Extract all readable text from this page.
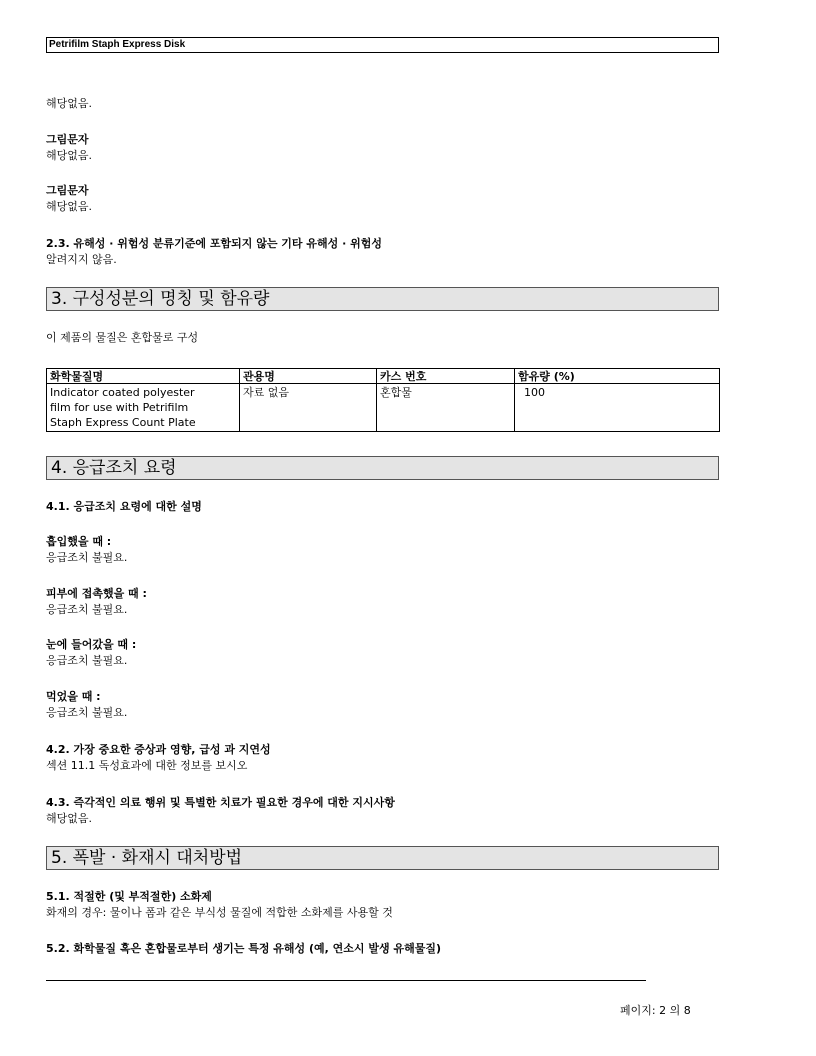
Petrifilm Staph Express Disk
해당없음.
그림문자
해당없음.
그림문자
해당없음.
2.3. 유해성 · 위험성 분류기준에 포함되지 않는 기타 유해성 · 위험성
알려지지 않음.
3. 구성성분의 명칭 및 함유량
이 제품의 물질은 혼합물로 구성
화학물질명	관용명	카스 번호	함유량 (%)

Indicator coated polyester
film for use with Petrifilm
Staph Express Count Plate	자료 없음	혼합물	100
4. 응급조치 요령
4.1. 응급조치 요령에 대한 설명
흡입했을 때 :
응급조치 불필요.
피부에 접촉했을 때 :
응급조치 불필요.
눈에 들어갔을 때 :
응급조치 불필요.
먹었을 때 :
응급조치 불필요.
4.2. 가장 중요한 증상과 영향, 급성 과 지연성
섹션 11.1 독성효과에 대한 정보를 보시오
4.3. 즉각적인 의료 행위 및 특별한 치료가 필요한 경우에 대한 지시사항
해당없음.
5. 폭발 · 화재시 대처방법
5.1. 적절한 (및 부적절한) 소화제
화재의 경우: 물이나 폼과 같은 부식성 물질에 적합한 소화제를 사용할 것
5.2. 화학물질 혹은 혼합물로부터 생기는 특정 유해성 (예, 연소시 발생 유해물질)
페이지: 2 의 8
